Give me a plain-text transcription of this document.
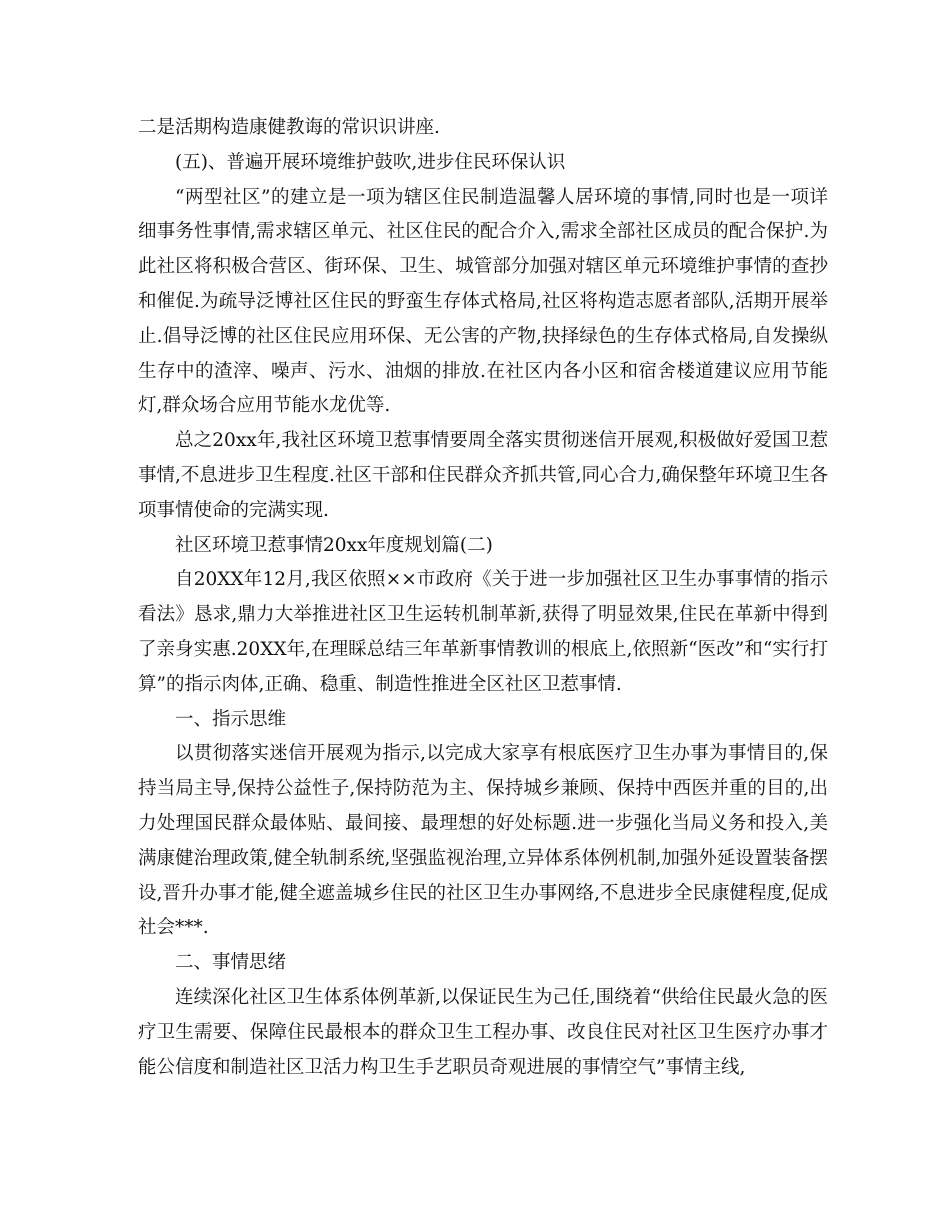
二是活期构造康健教诲的常识识讲座.

(五)、普遍开展环境维护鼓吹,进步住民环保认识

“两型社区”的建立是一项为辖区住民制造温馨人居环境的事情,同时也是一项详细事务性事情,需求辖区单元、社区住民的配合介入,需求全部社区成员的配合保护.为此社区将积极合营区、街环保、卫生、城管部分加强对辖区单元环境维护事情的查抄和催促.为疏导泛博社区住民的野蛮生存体式格局,社区将构造志愿者部队,活期开展举止.倡导泛博的社区住民应用环保、无公害的产物,抉择绿色的生存体式格局,自发操纵生存中的渣滓、噪声、污水、油烟的排放.在社区内各小区和宿舍楼道建议应用节能灯,群众场合应用节能水龙优等.

总之20xx年,我社区环境卫惹事情要周全落实贯彻迷信开展观,积极做好爱国卫惹事情,不息进步卫生程度.社区干部和住民群众齐抓共管,同心合力,确保整年环境卫生各项事情使命的完满实现.

社区环境卫惹事情20xx年度规划篇(二)

自20XX年12月,我区依照××市政府《关于进一步加强社区卫生办事事情的指示看法》恳求,鼎力大举推进社区卫生运转机制革新,获得了明显效果,住民在革新中得到了亲身实惠.20XX年,在理睬总结三年革新事情教训的根底上,依照新“医改”和“实行打算”的指示肉体,正确、稳重、制造性推进全区社区卫惹事情.

一、指示思维

以贯彻落实迷信开展观为指示,以完成大家享有根底医疗卫生办事为事情目的,保持当局主导,保持公益性子,保持防范为主、保持城乡兼顾、保持中西医并重的目的,出力处理国民群众最体贴、最间接、最理想的好处标题.进一步强化当局义务和投入,美满康健治理政策,健全轨制系统,坚强监视治理,立异体系体例机制,加强外延设置装备摆设,晋升办事才能,健全遮盖城乡住民的社区卫生办事网络,不息进步全民康健程度,促成社会***.

二、事情思绪

连续深化社区卫生体系体例革新,以保证民生为己任,围绕着“供给住民最火急的医疗卫生需要、保障住民最根本的群众卫生工程办事、改良住民对社区卫生医疗办事才能公信度和制造社区卫活力构卫生手艺职员奇观进展的事情空气”事情主线,
